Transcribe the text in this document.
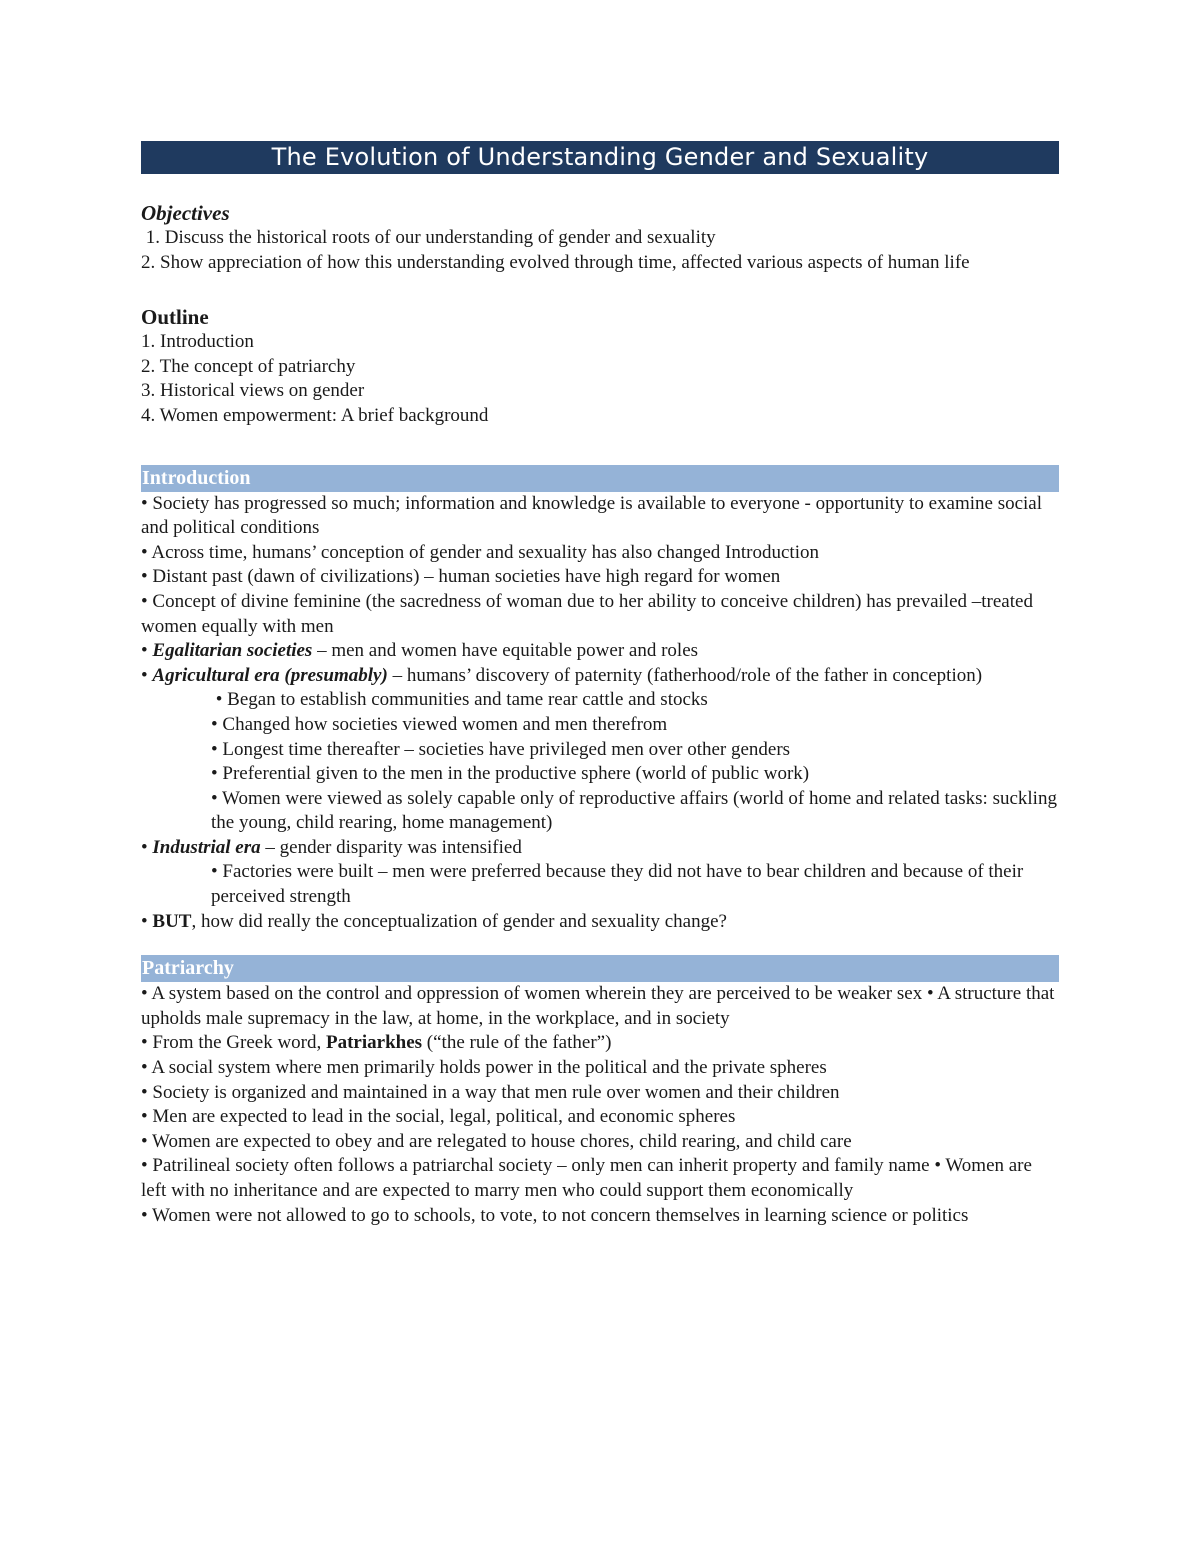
The Evolution of Understanding Gender and Sexuality
Objectives
1. Discuss the historical roots of our understanding of gender and sexuality
2. Show appreciation of how this understanding evolved through time, affected various aspects of human life
Outline
1. Introduction
2. The concept of patriarchy
3. Historical views on gender
4. Women empowerment: A brief background
Introduction
• Society has progressed so much; information and knowledge is available to everyone - opportunity to examine social and political conditions
• Across time, humans’ conception of gender and sexuality has also changed Introduction
• Distant past (dawn of civilizations) – human societies have high regard for women
• Concept of divine feminine (the sacredness of woman due to her ability to conceive children) has prevailed –treated women equally with men
• Egalitarian societies – men and women have equitable power and roles
• Agricultural era (presumably) – humans’ discovery of paternity (fatherhood/role of the father in conception)
• Began to establish communities and tame rear cattle and stocks
• Changed how societies viewed women and men therefrom
• Longest time thereafter – societies have privileged men over other genders
• Preferential given to the men in the productive sphere (world of public work)
• Women were viewed as solely capable only of reproductive affairs (world of home and related tasks: suckling the young, child rearing, home management)
• Industrial era – gender disparity was intensified
• Factories were built – men were preferred because they did not have to bear children and because of their perceived strength
• BUT, how did really the conceptualization of gender and sexuality change?
Patriarchy
• A system based on the control and oppression of women wherein they are perceived to be weaker sex • A structure that upholds male supremacy in the law, at home, in the workplace, and in society
• From the Greek word, Patriarkhes (“the rule of the father”)
• A social system where men primarily holds power in the political and the private spheres
• Society is organized and maintained in a way that men rule over women and their children
• Men are expected to lead in the social, legal, political, and economic spheres
• Women are expected to obey and are relegated to house chores, child rearing, and child care
• Patrilineal society often follows a patriarchal society – only men can inherit property and family name • Women are left with no inheritance and are expected to marry men who could support them economically
• Women were not allowed to go to schools, to vote, to not concern themselves in learning science or politics
